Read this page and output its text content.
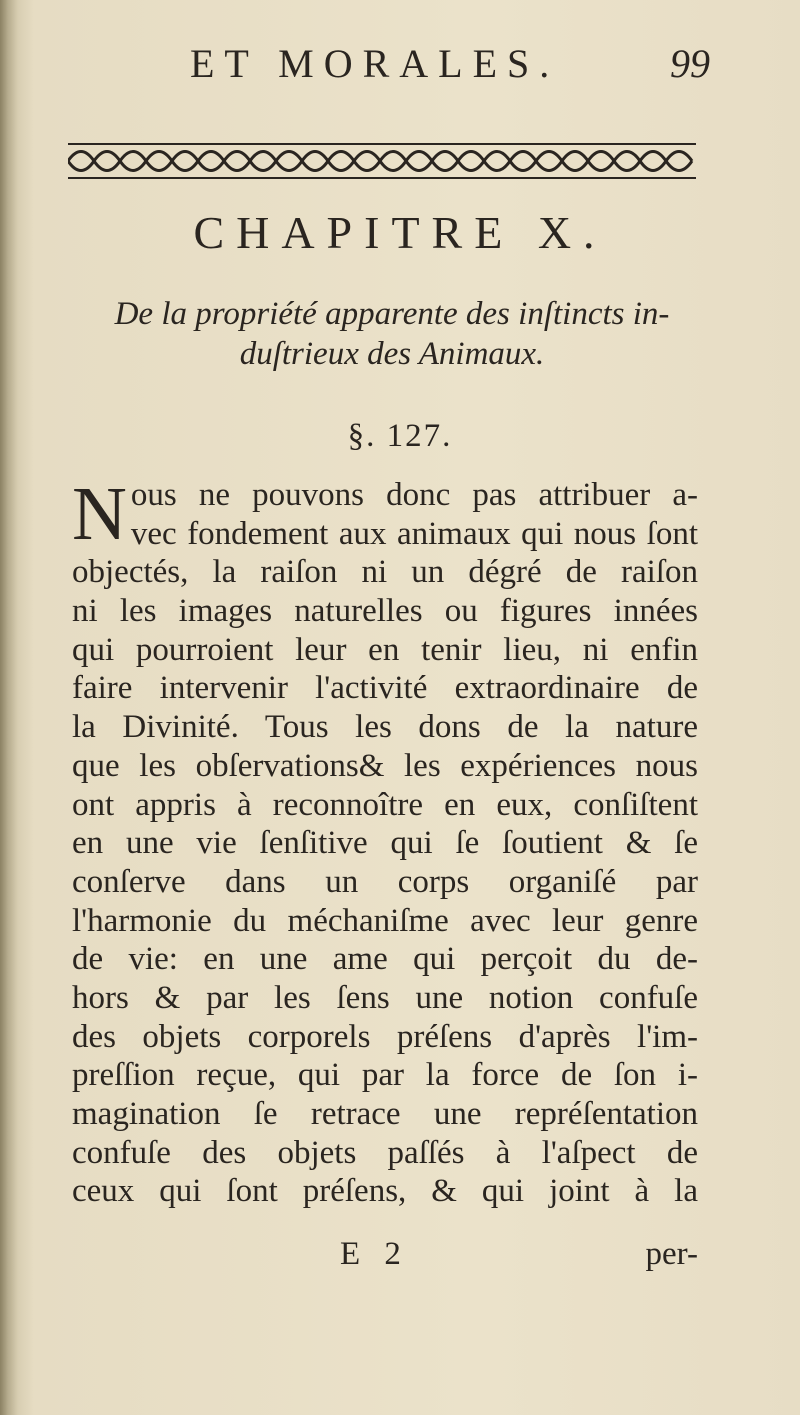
ET MORALES.	99
CHAPITRE X.
De la propriété apparente des inſtincts in-
duſtrieux des Animaux.
§. 127.
N ous ne pouvons donc pas attribuer a-
vec fondement aux animaux qui nous ſont
objectés, la raiſon ni un dégré de raiſon
ni les images naturelles ou figures innées
qui pourroient leur en tenir lieu, ni enfin
faire intervenir l'activité extraordinaire de
la Divinité. Tous les dons de la nature
que les obſervations& les expériences nous
ont appris à reconnoître en eux, conſiſtent
en une vie ſenſitive qui ſe ſoutient & ſe
conſerve dans un corps organiſé par
l'harmonie du méchaniſme avec leur genre
de vie: en une ame qui perçoit du de-
hors & par les ſens une notion confuſe
des objets corporels préſens d'après l'im-
preſſion reçue, qui par la force de ſon i-
magination ſe retrace une repréſentation
confuſe des objets paſſés à l'aſpect de
ceux qui ſont préſens, & qui joint à la
E 2	per-
